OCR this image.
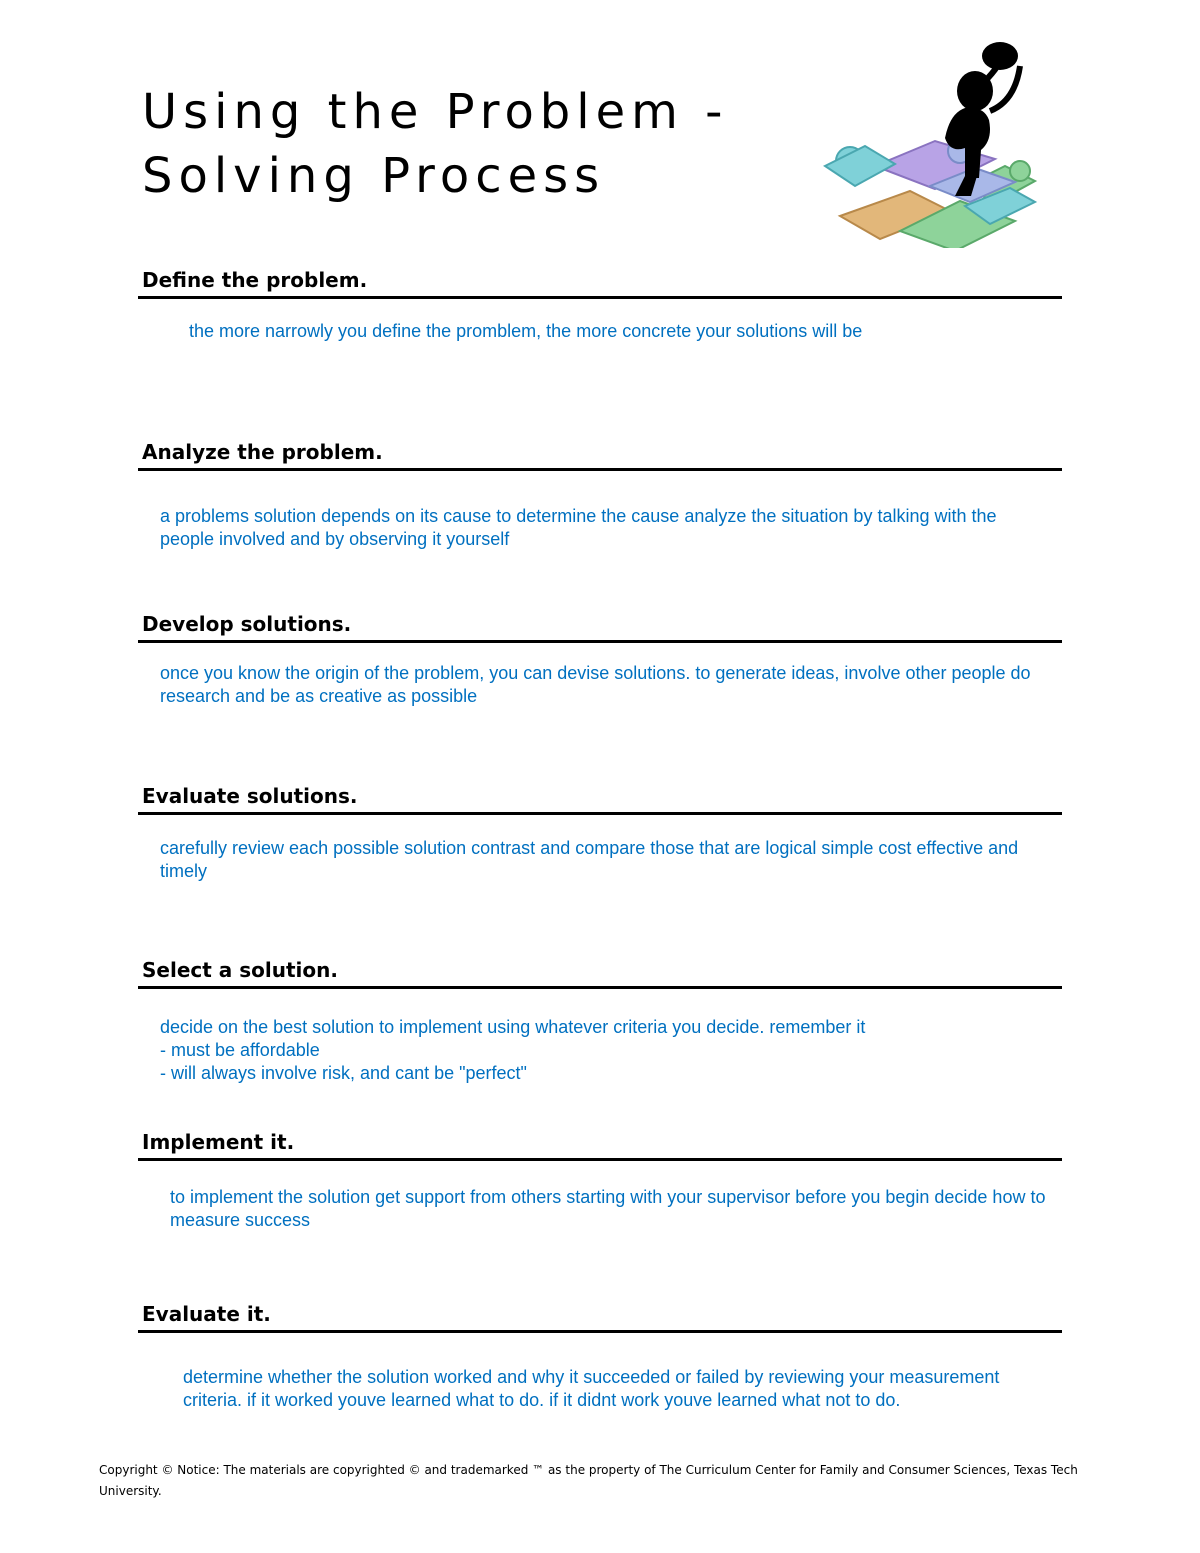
Using the Problem -
Solving Process
Define the problem.

the more narrowly you define the promblem, the more concrete your solutions will be

Analyze the problem.

a problems solution depends on its cause to determine the cause analyze the situation by talking with the
people involved and by observing it yourself

Develop solutions.

once you know the origin of the problem, you can devise solutions. to generate ideas, involve other people do
research and be as creative as possible

Evaluate solutions.

carefully review each possible solution contrast and compare those that are logical simple cost effective and
timely

Select a solution.

decide on the best solution to implement using whatever criteria you decide. remember it
- must be affordable
- will always involve risk, and cant be "perfect"

Implement it.

to implement the solution get support from others starting with your supervisor before you begin decide how to
measure success

Evaluate it.

determine whether the solution worked and why it succeeded or failed by reviewing your measurement
criteria. if it worked youve learned what to do. if it didnt work youve learned what not to do.

Copyright © Notice: The materials are copyrighted © and trademarked ™ as the property of The Curriculum Center for Family and Consumer Sciences, Texas Tech University.
